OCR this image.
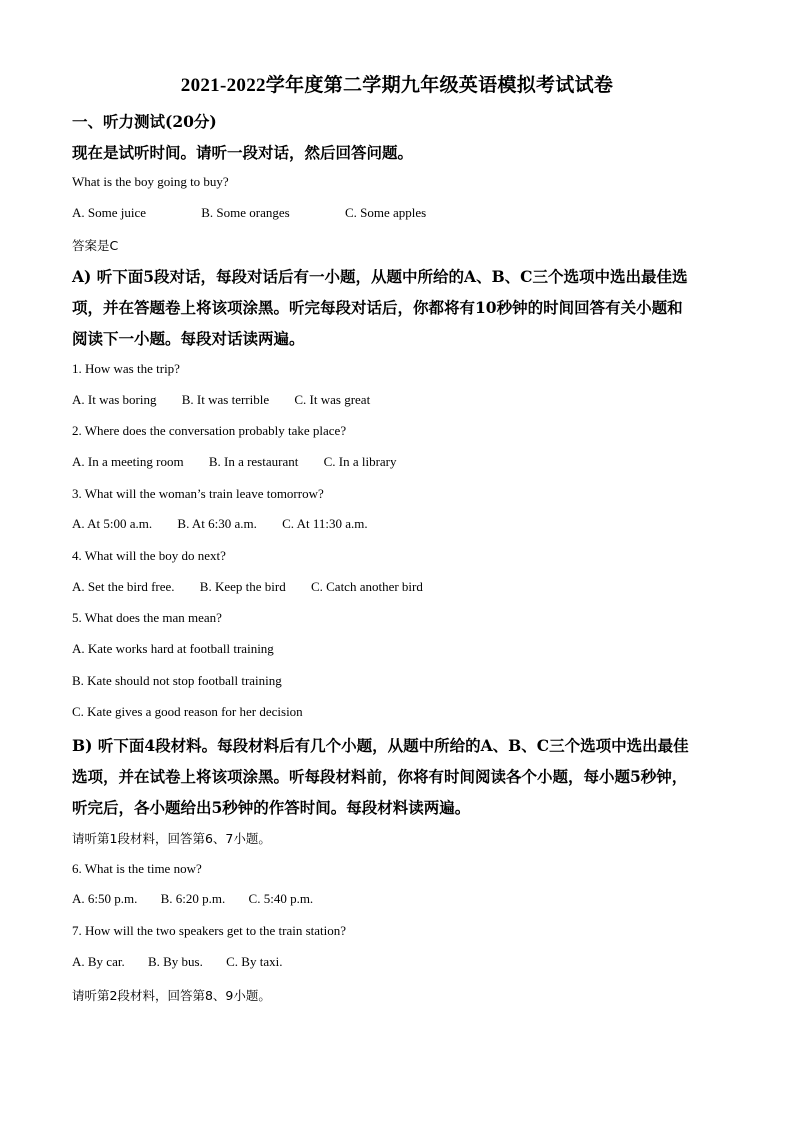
2021-2022学年度第二学期九年级英语模拟考试试卷
一、听力测试(20分)
现在是试听时间。请听一段对话，然后回答问题。
What is the boy going to buy?
A. Some juice	B. Some oranges	C. Some apples
答案是C
A) 听下面5段对话，每段对话后有一小题，从题中所给的A、B、C三个选项中选出最佳选
项，并在答题卷上将该项涂黑。听完每段对话后，你都将有10秒钟的时间回答有关小题和
阅读下一小题。每段对话读两遍。
1. How was the trip?
A. It was boring B. It was terrible C. It was great
2. Where does the conversation probably take place?
A. In a meeting room B. In a restaurant C. In a library
3. What will the woman’s train leave tomorrow?
A. At 5:00 a.m. B. At 6:30 a.m. C. At 11:30 a.m.
4. What will the boy do next?
A. Set the bird free. B. Keep the bird C. Catch another bird
5. What does the man mean?
A. Kate works hard at football training
B. Kate should not stop football training
C. Kate gives a good reason for her decision
B) 听下面4段材料。每段材料后有几个小题，从题中所给的A、B、C三个选项中选出最佳
选项，并在试卷上将该项涂黑。听每段材料前，你将有时间阅读各个小题，每小题5秒钟，
听完后，各小题给出5秒钟的作答时间。每段材料读两遍。
请听第1段材料，回答第6、7小题。
6. What is the time now?
A. 6:50 p.m. B. 6:20 p.m. C. 5:40 p.m.
7. How will the two speakers get to the train station?
A. By car. B. By bus. C. By taxi.
请听第2段材料，回答第8、9小题。
